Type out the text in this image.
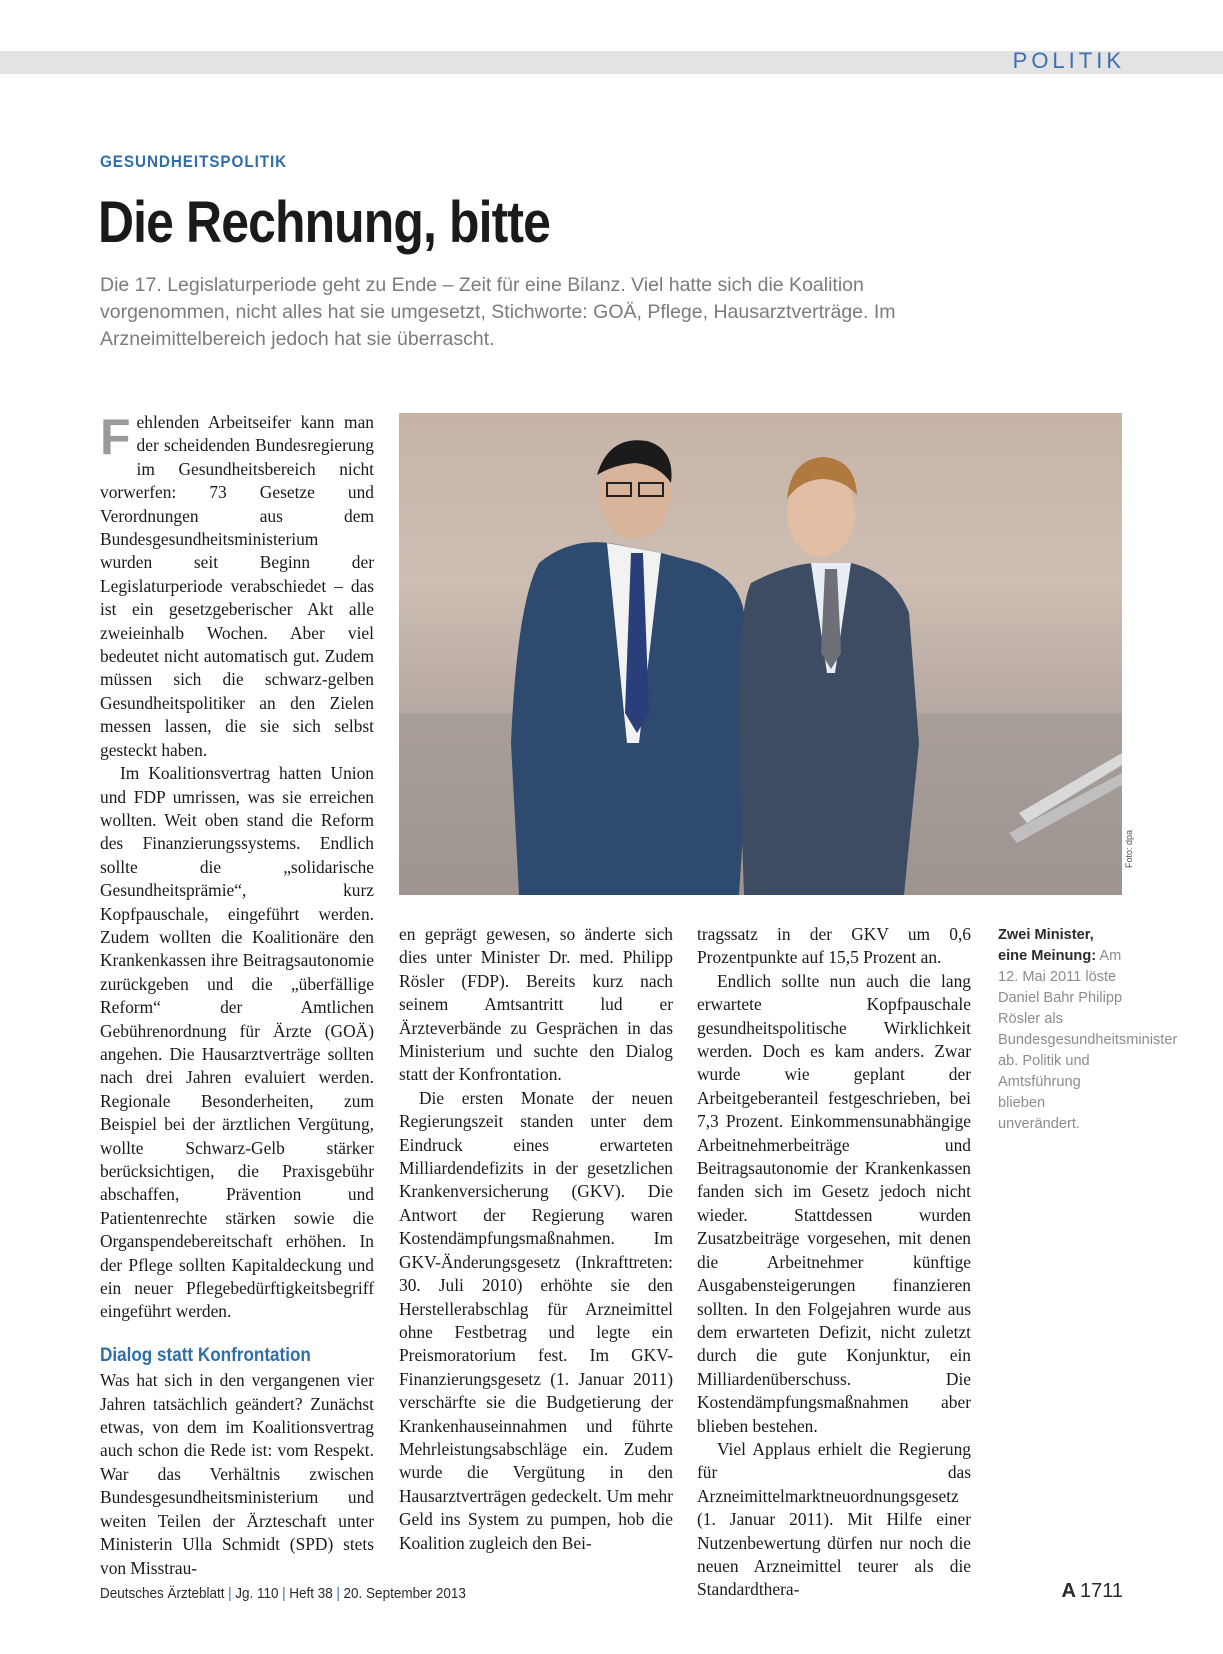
POLITIK
GESUNDHEITSPOLITIK
Die Rechnung, bitte

Die 17. Legislaturperiode geht zu Ende – Zeit für eine Bilanz. Viel hatte sich die Koalition vorgenommen, nicht alles hat sie umgesetzt, Stichworte: GOÄ, Pflege, Hausarztverträge. Im Arzneimittelbereich jedoch hat sie überrascht.

Fehlenden Arbeitseifer kann man der scheidenden Bundesregierung im Gesundheitsbereich nicht vorwerfen: 73 Gesetze und Verordnungen aus dem Bundesgesundheitsministerium wurden seit Beginn der Legislaturperiode verabschiedet – das ist ein gesetzgeberischer Akt alle zweieinhalb Wochen. Aber viel bedeutet nicht automatisch gut. Zudem müssen sich die schwarz-gelben Gesundheitspolitiker an den Zielen messen lassen, die sie sich selbst gesteckt haben.

Im Koalitionsvertrag hatten Union und FDP umrissen, was sie erreichen wollten. Weit oben stand die Reform des Finanzierungssystems. Endlich sollte die „solidarische Gesundheitsprämie“, kurz Kopfpauschale, eingeführt werden. Zudem wollten die Koalitionäre den Krankenkassen ihre Beitragsautonomie zurückgeben und die „überfällige Reform“ der Amtlichen Gebührenordnung für Ärzte (GOÄ) angehen. Die Hausarztverträge sollten nach drei Jahren evaluiert werden. Regionale Besonderheiten, zum Beispiel bei der ärztlichen Vergütung, wollte Schwarz-Gelb stärker berücksichtigen, die Praxisgebühr abschaffen, Prävention und Patientenrechte stärken sowie die Organspendebereitschaft erhöhen. In der Pflege sollten Kapitaldeckung und ein neuer Pflegebedürftigkeitsbegriff eingeführt werden.

Dialog statt Konfrontation

Was hat sich in den vergangenen vier Jahren tatsächlich geändert? Zunächst etwas, von dem im Koalitionsvertrag auch schon die Rede ist: vom Respekt. War das Verhältnis zwischen Bundesgesundheitsministerium und weiten Teilen der Ärzteschaft unter Ministerin Ulla Schmidt (SPD) stets von Misstrau-

Foto: dpa

en geprägt gewesen, so änderte sich dies unter Minister Dr. med. Philipp Rösler (FDP). Bereits kurz nach seinem Amtsantritt lud er Ärzteverbände zu Gesprächen in das Ministerium und suchte den Dialog statt der Konfrontation.

Die ersten Monate der neuen Regierungszeit standen unter dem Eindruck eines erwarteten Milliardendefizits in der gesetzlichen Krankenversicherung (GKV). Die Antwort der Regierung waren Kostendämpfungsmaßnahmen. Im GKV-Änderungsgesetz (Inkrafttreten: 30. Juli 2010) erhöhte sie den Herstellerabschlag für Arzneimittel ohne Festbetrag und legte ein Preismoratorium fest. Im GKV-Finanzierungsgesetz (1. Januar 2011) verschärfte sie die Budgetierung der Krankenhauseinnahmen und führte Mehrleistungsabschläge ein. Zudem wurde die Vergütung in den Hausarztverträgen gedeckelt. Um mehr Geld ins System zu pumpen, hob die Koalition zugleich den Bei-

tragssatz in der GKV um 0,6 Prozentpunkte auf 15,5 Prozent an.

Endlich sollte nun auch die lang erwartete Kopfpauschale gesundheitspolitische Wirklichkeit werden. Doch es kam anders. Zwar wurde wie geplant der Arbeitgeberanteil festgeschrieben, bei 7,3 Prozent. Einkommensunabhängige Arbeitnehmerbeiträge und Beitragsautonomie der Krankenkassen fanden sich im Gesetz jedoch nicht wieder. Stattdessen wurden Zusatzbeiträge vorgesehen, mit denen die Arbeitnehmer künftige Ausgabensteigerungen finanzieren sollten. In den Folgejahren wurde aus dem erwarteten Defizit, nicht zuletzt durch die gute Konjunktur, ein Milliardenüberschuss. Die Kostendämpfungsmaßnahmen aber blieben bestehen.

Viel Applaus erhielt die Regierung für das Arzneimittelmarktneuordnungsgesetz (1. Januar 2011). Mit Hilfe einer Nutzenbewertung dürfen nur noch die neuen Arzneimittel teurer als die Standardthera-

Zwei Minister, eine Meinung: Am 12. Mai 2011 löste Daniel Bahr Philipp Rösler als Bundesgesundheitsminister ab. Politik und Amtsführung blieben unverändert.
Deutsches Ärzteblatt | Jg. 110 | Heft 38 | 20. September 2013	A 1711
